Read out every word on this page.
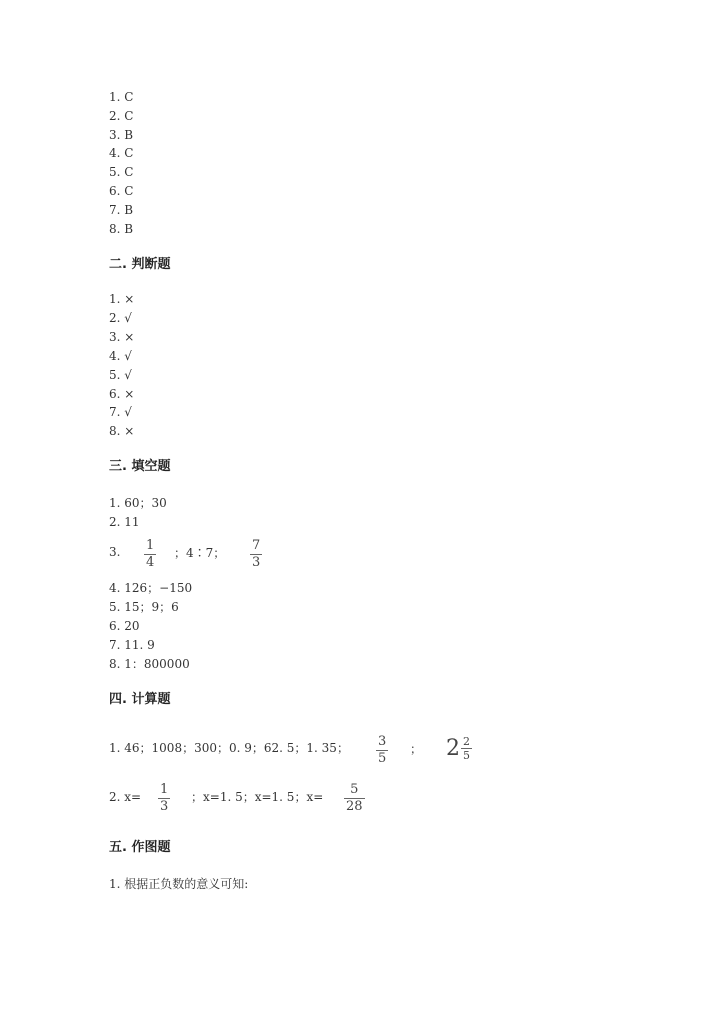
1. C
2. C
3. B
4. C
5. C
6. C
7. B
8. B
二. 判断题
1. ×
2. √
3. ×
4. √
5. √
6. ×
7. √
8. ×
三. 填空题
1. 60；30
2. 11
3. 1
4
；4∶7； 7
3
4. 126；−150
5. 15；9；6
6. 20
7. 11. 9
8. 1：800000
四. 计算题
1. 46；1008；300；0. 9；62. 5；1. 35； 3
5
； $2 \frac{2}{5}$
2. x= 1
3
；x=1. 5；x=1. 5；x= 5
28
五. 作图题
1. 根据正负数的意义可知:
